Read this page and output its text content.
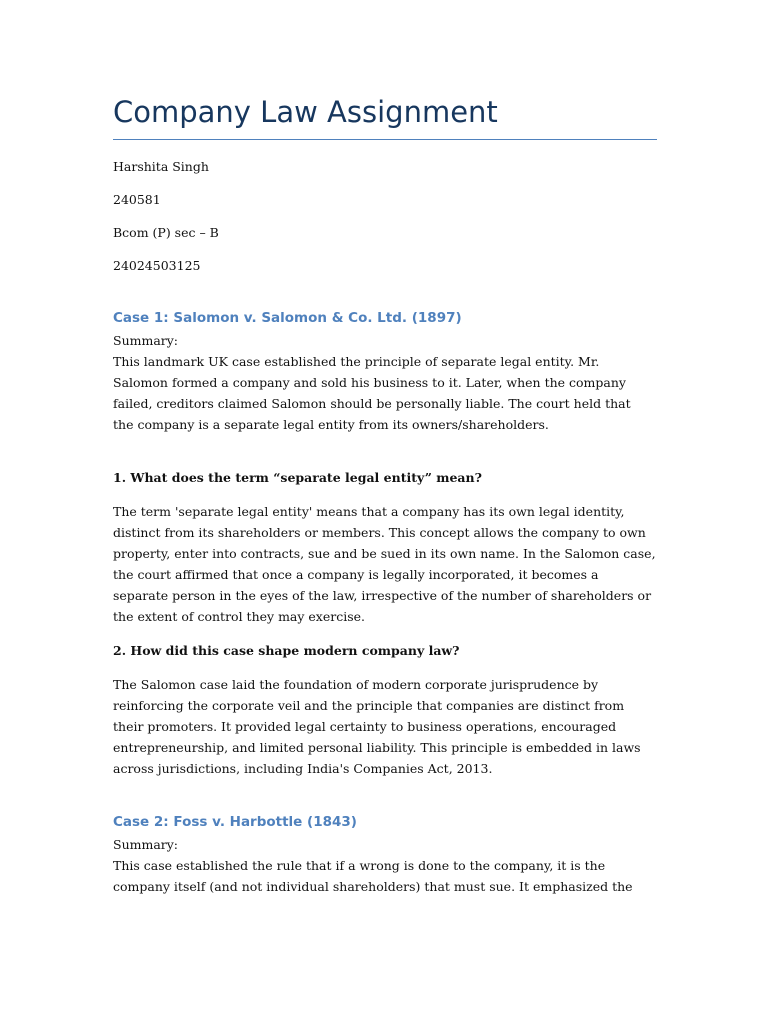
Company Law Assignment

Harshita Singh

240581

Bcom (P) sec – B

24024503125

Case 1: Salomon v. Salomon & Co. Ltd. (1897)

Summary:

This landmark UK case established the principle of separate legal entity. Mr.
Salomon formed a company and sold his business to it. Later, when the company
failed, creditors claimed Salomon should be personally liable. The court held that
the company is a separate legal entity from its owners/shareholders.
1. What does the term “separate legal entity” mean?
The term 'separate legal entity' means that a company has its own legal identity,
distinct from its shareholders or members. This concept allows the company to own
property, enter into contracts, sue and be sued in its own name. In the Salomon case,
the court affirmed that once a company is legally incorporated, it becomes a
separate person in the eyes of the law, irrespective of the number of shareholders or
the extent of control they may exercise.
2. How did this case shape modern company law?
The Salomon case laid the foundation of modern corporate jurisprudence by
reinforcing the corporate veil and the principle that companies are distinct from
their promoters. It provided legal certainty to business operations, encouraged
entrepreneurship, and limited personal liability. This principle is embedded in laws
across jurisdictions, including India's Companies Act, 2013.
Case 2: Foss v. Harbottle (1843)

Summary:

This case established the rule that if a wrong is done to the company, it is the
company itself (and not individual shareholders) that must sue. It emphasized the
